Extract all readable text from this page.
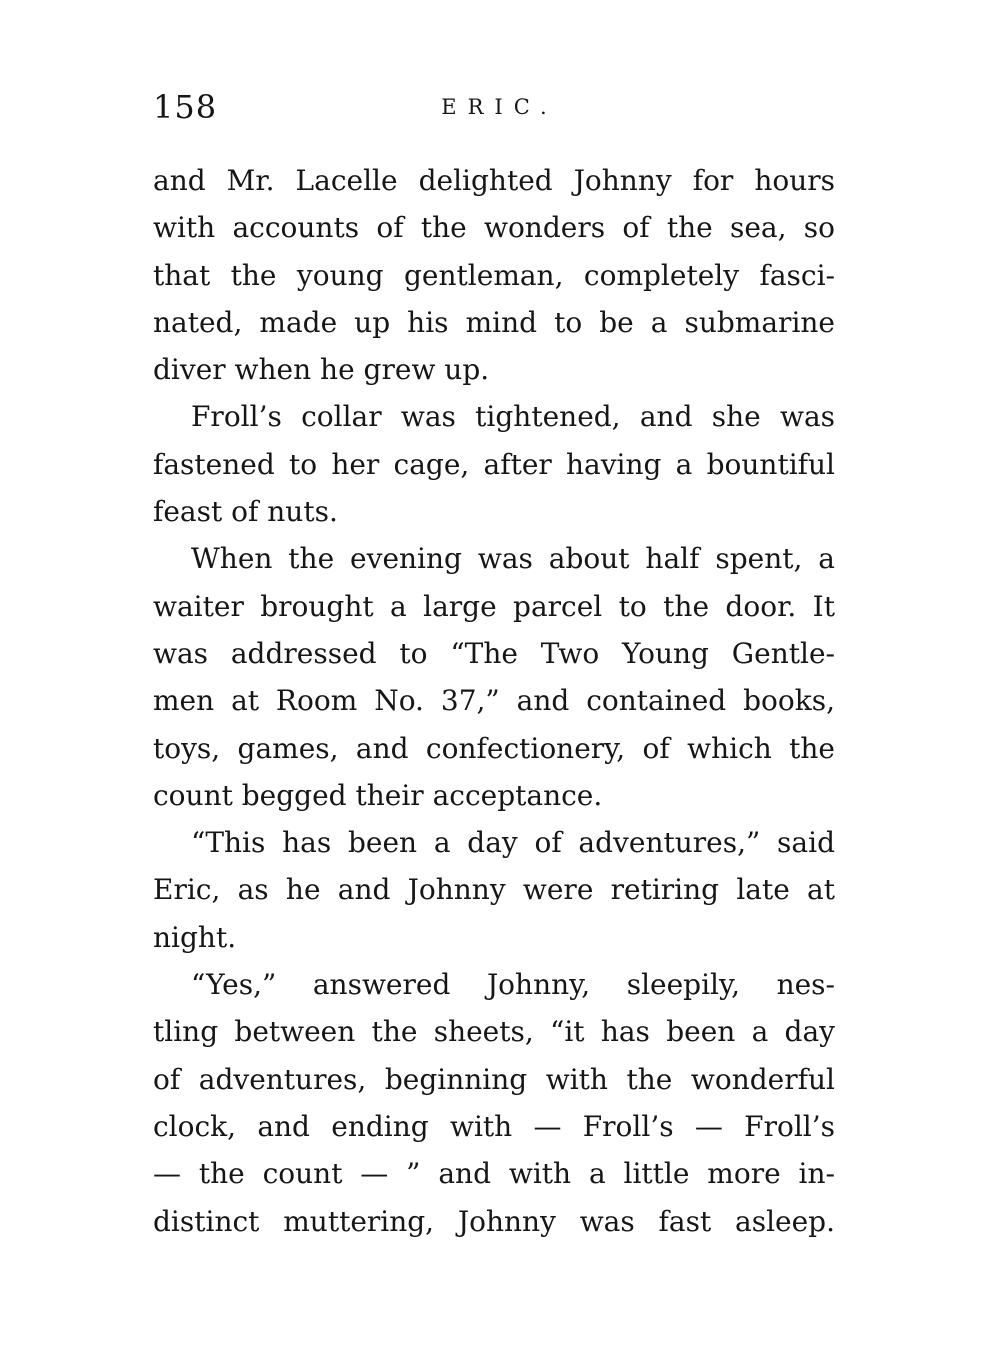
158	ERIC.
and Mr. Lacelle delighted Johnny for hours
with accounts of the wonders of the sea, so
that the young gentleman, completely fasci-
nated, made up his mind to be a submarine
diver when he grew up.
Froll’s collar was tightened, and she was
fastened to her cage, after having a bountiful
feast of nuts.
When the evening was about half spent, a
waiter brought a large parcel to the door. It
was addressed to “The Two Young Gentle-
men at Room No. 37,” and contained books,
toys, games, and confectionery, of which the
count begged their acceptance.
“This has been a day of adventures,” said
Eric, as he and Johnny were retiring late at
night.
“Yes,” answered Johnny, sleepily, nes-
tling between the sheets, “it has been a day
of adventures, beginning with the wonderful
clock, and ending with — Froll’s — Froll’s
— the count — ” and with a little more in-
distinct muttering, Johnny was fast asleep.
